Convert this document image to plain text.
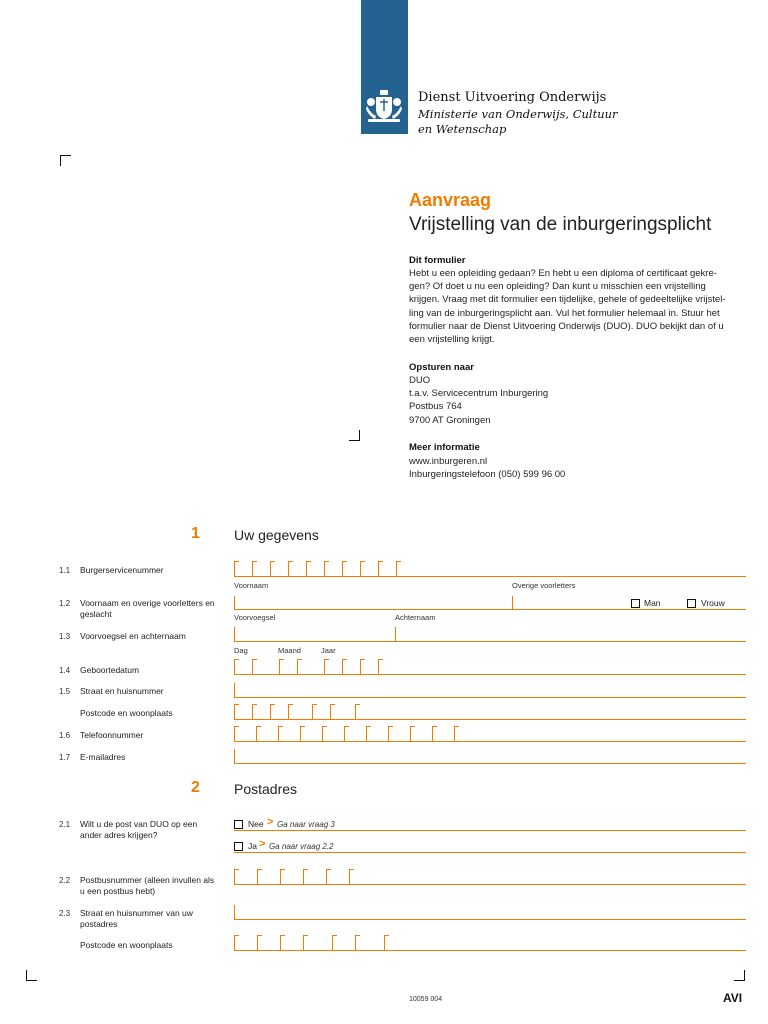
Dienst Uitvoering Onderwijs
Ministerie van Onderwijs, Cultuur en Wetenschap
Aanvraag
Vrijstelling van de inburgeringsplicht
Dit formulier
Hebt u een opleiding gedaan? En hebt u een diploma of certificaat gekre-
gen? Of doet u nu een opleiding? Dan kunt u misschien een vrijstelling
krijgen. Vraag met dit formulier een tijdelijke, gehele of gedeeltelijke vrijstel-
ling van de inburgeringsplicht aan. Vul het formulier helemaal in. Stuur het
formulier naar de Dienst Uitvoering Onderwijs (DUO). DUO bekijkt dan of u
een vrijstelling krijgt.
Opsturen naar
DUO
t.a.v. Servicecentrum Inburgering
Postbus 764
9700 AT Groningen
Meer informatie
www.inburgeren.nl
Inburgeringstelefoon (050) 599 96 00
1 Uw gegevens
1.1 Burgerservicenummer
Voornaam	Overige voorletters
1.2 Voornaam en overige voorletters en geslacht
Man	Vrouw
Voorvoegsel	Achternaam
1.3 Voorvoegsel en achternaam
Dag	Maand	Jaar
1.4 Geboortedatum
1.5 Straat en huisnummer
Postcode en woonplaats
1.6 Telefoonnummer
1.7 E-mailadres
2 Postadres
2.1 Wilt u de post van DUO op een ander adres krijgen?
Nee > Ga naar vraag 3
Ja > Ga naar vraag 2.2
2.2 Postbusnummer (alleen invullen als u een postbus hebt)
2.3 Straat en huisnummer van uw postadres
Postcode en woonplaats
10059 004	AVI
